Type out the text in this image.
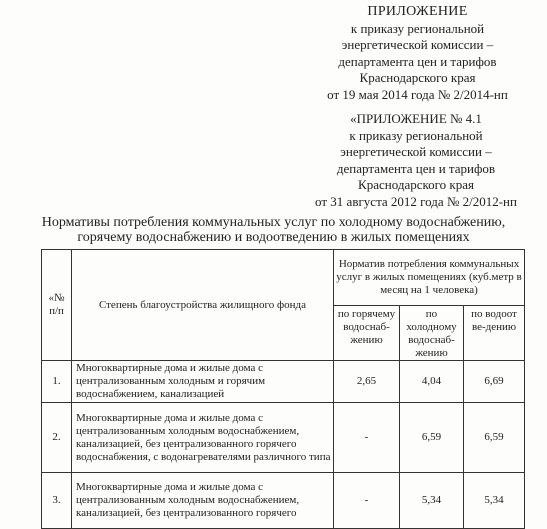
ПРИЛОЖЕНИЕ
к приказу региональной
энергетической комиссии –
департамента цен и тарифов
Краснодарского края
от 19 мая 2014 года № 2/2014-нп
«ПРИЛОЖЕНИЕ № 4.1
к приказу региональной
энергетической комиссии –
департамента цен и тарифов
Краснодарского края
от 31 августа 2012 года № 2/2012-нп
Нормативы потребления коммунальных услуг по холодному водоснабжению,
горячему водоснабжению и водоотведению в жилых помещениях
«№ п/п	Степень благоустройства жилищного фонда	Норматив потребления коммунальных услуг в жилых помещениях (куб.метр в месяц на 1 человека)		
		по горячему водоснаб-жению	по холодному водоснаб-жению	по водоот ве-дению
1.	Многоквартирные дома и жилые дома с централизованным холодным и горячим водоснабжением, канализацией	2,65	4,04	6,69
2.	Многоквартирные дома и жилые дома с централизованным холодным водоснабжением, канализацией, без централизованного горячего водоснабжения, с водонагревателями различного типа	-	6,59	6,59
3.	Многоквартирные дома и жилые дома с централизованным холодным водоснабжением, канализацией, без централизованного горячего	-	5,34	5,34
